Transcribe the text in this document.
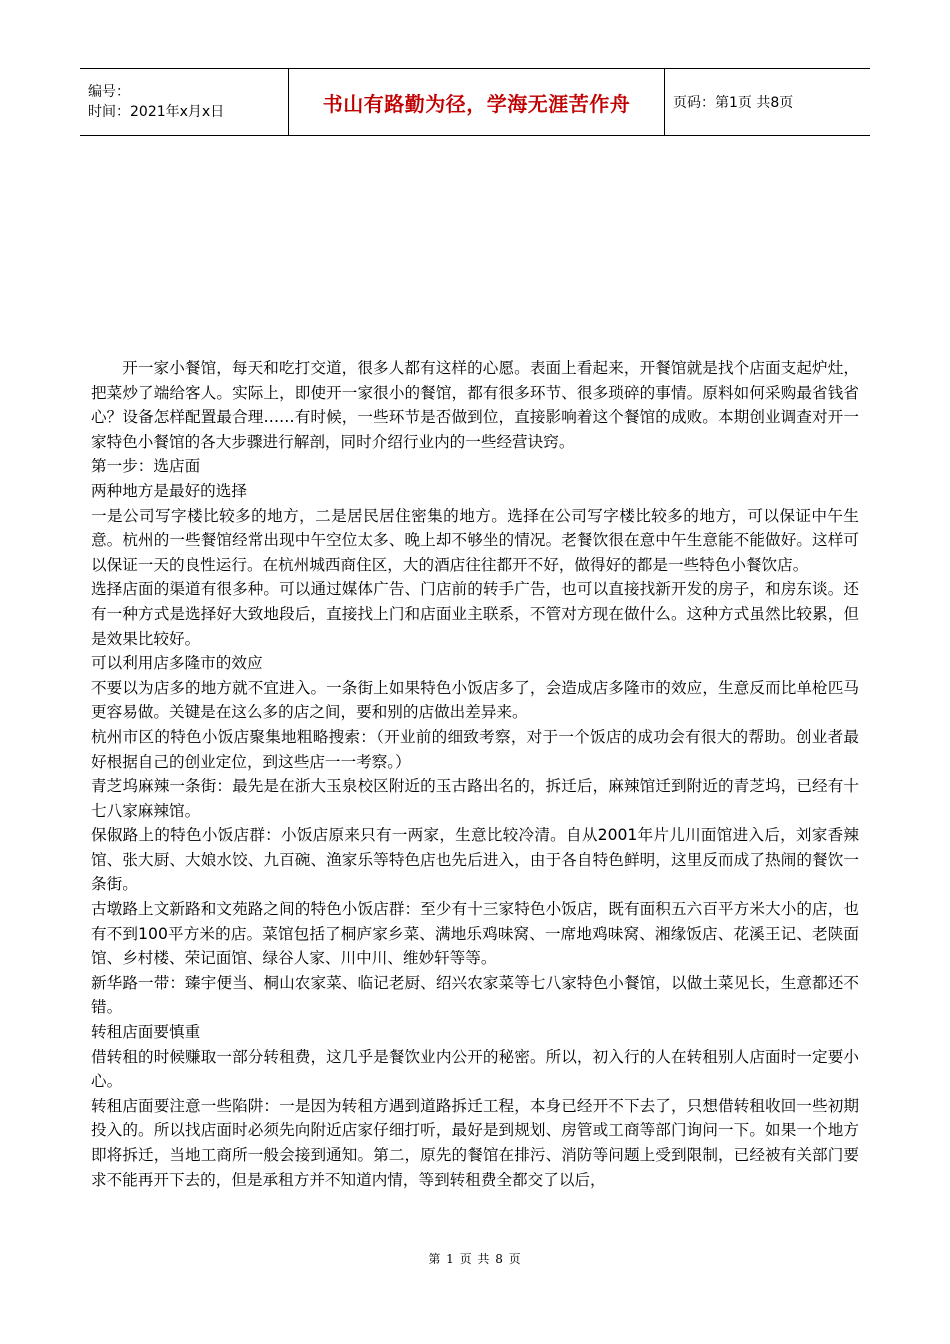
编号：
时间：2021年x月x日	书山有路勤为径，学海无涯苦作舟	页码：第1页 共8页

开一家小餐馆，每天和吃打交道，很多人都有这样的心愿。表面上看起来，开餐馆就是找个店面支起炉灶，把菜炒了端给客人。实际上，即使开一家很小的餐馆，都有很多环节、很多琐碎的事情。原料如何采购最省钱省心？设备怎样配置最合理……有时候，一些环节是否做到位，直接影响着这个餐馆的成败。本期创业调查对开一家特色小餐馆的各大步骤进行解剖，同时介绍行业内的一些经营诀窍。

第一步：选店面

两种地方是最好的选择

一是公司写字楼比较多的地方，二是居民居住密集的地方。选择在公司写字楼比较多的地方，可以保证中午生意。杭州的一些餐馆经常出现中午空位太多、晚上却不够坐的情况。老餐饮很在意中午生意能不能做好。这样可以保证一天的良性运行。在杭州城西商住区，大的酒店往往都开不好，做得好的都是一些特色小餐饮店。

选择店面的渠道有很多种。可以通过媒体广告、门店前的转手广告，也可以直接找新开发的房子，和房东谈。还有一种方式是选择好大致地段后，直接找上门和店面业主联系，不管对方现在做什么。这种方式虽然比较累，但是效果比较好。

可以利用店多隆市的效应

不要以为店多的地方就不宜进入。一条街上如果特色小饭店多了，会造成店多隆市的效应，生意反而比单枪匹马更容易做。关键是在这么多的店之间，要和别的店做出差异来。

杭州市区的特色小饭店聚集地粗略搜索：（开业前的细致考察，对于一个饭店的成功会有很大的帮助。创业者最好根据自己的创业定位，到这些店一一考察。）

青芝坞麻辣一条街：最先是在浙大玉泉校区附近的玉古路出名的，拆迁后，麻辣馆迁到附近的青芝坞，已经有十七八家麻辣馆。

保俶路上的特色小饭店群：小饭店原来只有一两家，生意比较冷清。自从2001年片儿川面馆进入后，刘家香辣馆、张大厨、大娘水饺、九百碗、渔家乐等特色店也先后进入，由于各自特色鲜明，这里反而成了热闹的餐饮一条街。

古墩路上文新路和文苑路之间的特色小饭店群：至少有十三家特色小饭店，既有面积五六百平方米大小的店，也有不到100平方米的店。菜馆包括了桐庐家乡菜、满地乐鸡味窝、一席地鸡味窝、湘缘饭店、花溪王记、老陕面馆、乡村楼、荣记面馆、绿谷人家、川中川、维妙轩等等。

新华路一带：臻宇便当、桐山农家菜、临记老厨、绍兴农家菜等七八家特色小餐馆，以做土菜见长，生意都还不错。

转租店面要慎重

借转租的时候赚取一部分转租费，这几乎是餐饮业内公开的秘密。所以，初入行的人在转租别人店面时一定要小心。

转租店面要注意一些陷阱：一是因为转租方遇到道路拆迁工程，本身已经开不下去了，只想借转租收回一些初期投入的。所以找店面时必须先向附近店家仔细打听，最好是到规划、房管或工商等部门询问一下。如果一个地方即将拆迁，当地工商所一般会接到通知。第二，原先的餐馆在排污、消防等问题上受到限制，已经被有关部门要求不能再开下去的，但是承租方并不知道内情，等到转租费全都交了以后，

第 1 页 共 8 页
